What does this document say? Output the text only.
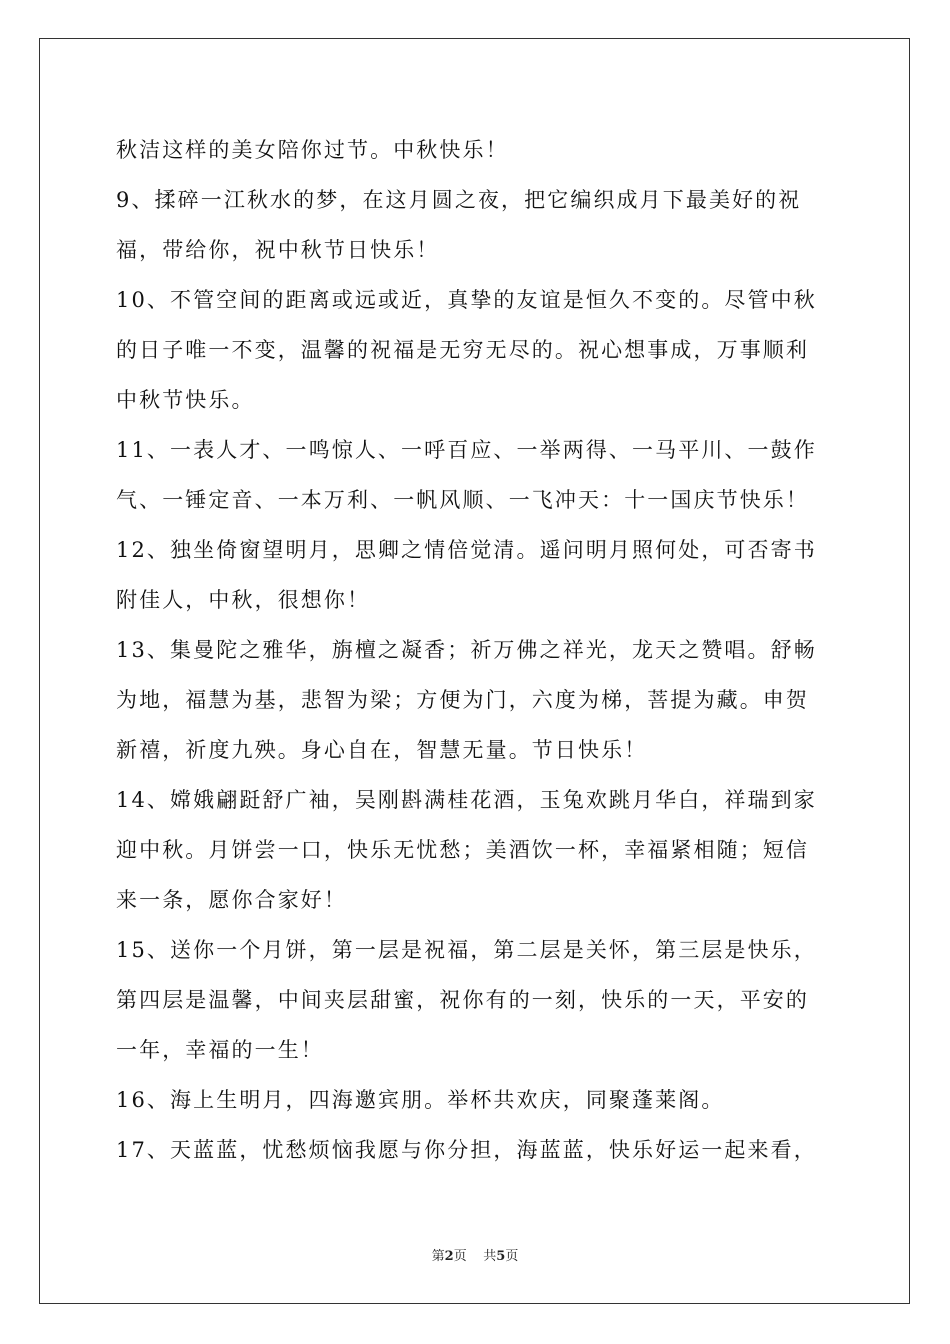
秋洁这样的美女陪你过节。中秋快乐！

9、揉碎一江秋水的梦，在这月圆之夜，把它编织成月下最美好的祝

福，带给你，祝中秋节日快乐！

10、不管空间的距离或远或近，真挚的友谊是恒久不变的。尽管中秋

的日子唯一不变，温馨的祝福是无穷无尽的。祝心想事成，万事顺利

中秋节快乐。

11、一表人才、一鸣惊人、一呼百应、一举两得、一马平川、一鼓作

气、一锤定音、一本万利、一帆风顺、一飞冲天：十一国庆节快乐！

12、独坐倚窗望明月，思卿之情倍觉清。遥问明月照何处，可否寄书

附佳人，中秋，很想你！

13、集曼陀之雅华，旃檀之凝香；祈万佛之祥光，龙天之赞唱。舒畅

为地，福慧为基，悲智为梁；方便为门，六度为梯，菩提为藏。申贺

新禧，祈度九殃。身心自在，智慧无量。节日快乐！

14、嫦娥翩跹舒广袖，吴刚斟满桂花酒，玉兔欢跳月华白，祥瑞到家

迎中秋。月饼尝一口，快乐无忧愁；美酒饮一杯，幸福紧相随；短信

来一条，愿你合家好！

15、送你一个月饼，第一层是祝福，第二层是关怀，第三层是快乐，

第四层是温馨，中间夹层甜蜜，祝你有的一刻，快乐的一天，平安的

一年，幸福的一生！

16、海上生明月，四海邀宾朋。举杯共欢庆，同聚蓬莱阁。

17、天蓝蓝，忧愁烦恼我愿与你分担，海蓝蓝，快乐好运一起来看，

第2页 共5页
